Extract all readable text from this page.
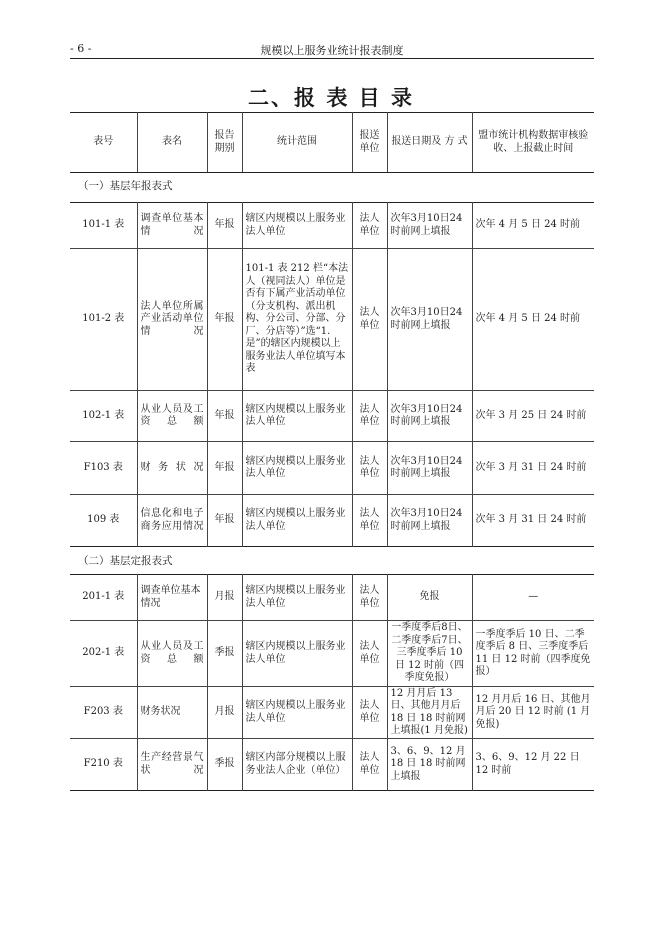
- 6 -	规模以上服务业统计报表制度
二、报 表 目 录
表号	表名	报告期别	统计范围	报送单位	报送日期及 方 式	盟市统计机构数据审核验收、上报截止时间
（一）基层年报表式
101-1 表	调查单位基本情况	年报	辖区内规模以上服务业法人单位	法人单位	次年3月10日24时前网上填报	次年 4 月 5 日 24 时前
101-2 表	法人单位所属产业活动单位情况	年报	101-1 表 212 栏“本法人（视同法人）单位是否有下属产业活动单位（分支机构、派出机构、分公司、分部、分厂、分店等）”选“1.是”的辖区内规模以上服务业法人单位填写本表	法人单位	次年3月10日24时前网上填报	次年 4 月 5 日 24 时前
102-1 表	从业人员及工资总额	年报	辖区内规模以上服务业法人单位	法人单位	次年3月10日24时前网上填报	次年 3 月 25 日 24 时前
F103 表	财务状况	年报	辖区内规模以上服务业法人单位	法人单位	次年3月10日24时前网上填报	次年 3 月 31 日 24 时前
109 表	信息化和电子商务应用情况	年报	辖区内规模以上服务业法人单位	法人单位	次年3月10日24时前网上填报	次年 3 月 31 日 24 时前
（二）基层定报表式
201-1 表	调查单位基本情况	月报	辖区内规模以上服务业法人单位	法人单位	免报	—
202-1 表	从业人员及工资总额	季报	辖区内规模以上服务业法人单位	法人单位	一季度季后8日、二季度季后7日、三季度季后 10 日 12 时前（四季度免报）	一季度季后 10 日、二季度季后 8 日、三季度季后 11 日 12 时前（四季度免报）
F203 表	财务状况	月报	辖区内规模以上服务业法人单位	法人单位	12 月月后 13 日、其他月月后 18 日 18 时前网上填报(1 月免报)	12 月月后 16 日、其他月月后 20 日 12 时前 (1 月免报)
F210 表	生产经营景气状况	季报	辖区内部分规模以上服务业法人企业（单位）	法人单位	3、6、9、12 月 18 日 18 时前网上填报	3、6、9、12 月 22 日 12 时前
